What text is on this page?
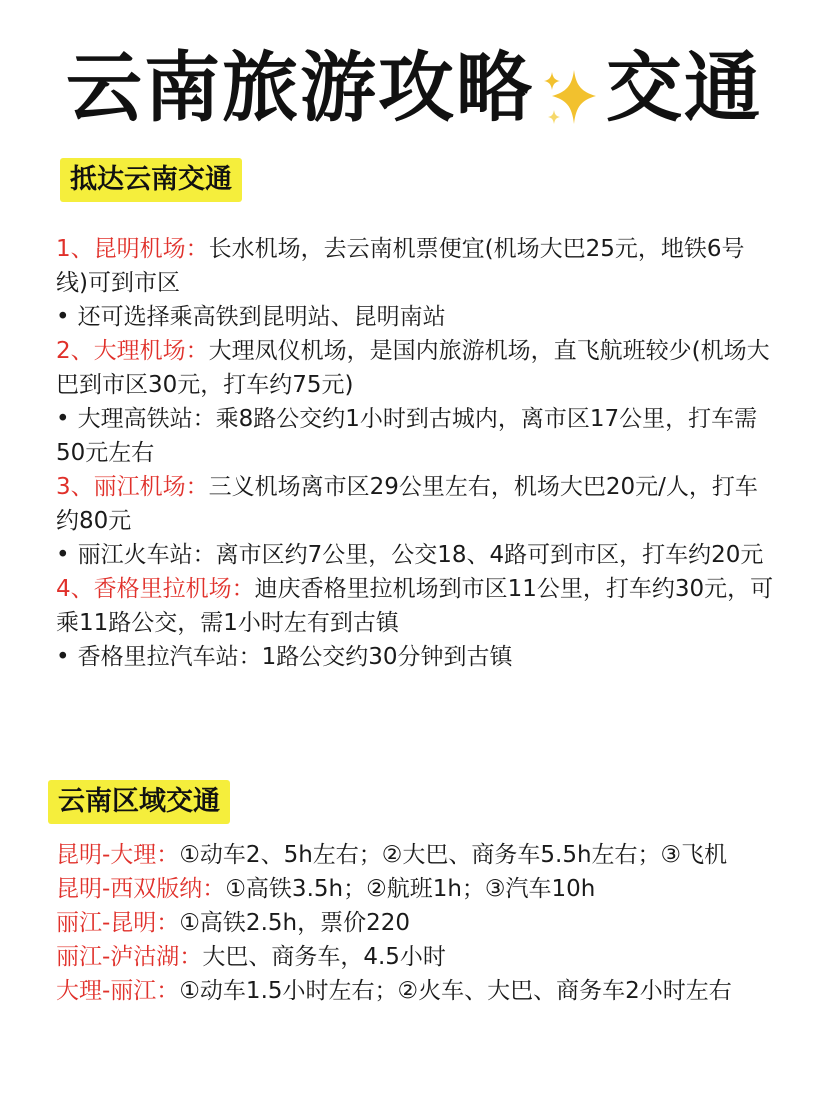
云南旅游攻略 交通
抵达云南交通

1、昆明机场：长水机场，去云南机票便宜(机场大巴25元，地铁6号线)可到市区

• 还可选择乘高铁到昆明站、昆明南站

2、大理机场：大理凤仪机场，是国内旅游机场，直飞航班较少(机场大巴到市区30元，打车约75元)

• 大理高铁站：乘8路公交约1小时到古城内，离市区17公里，打车需50元左右

3、丽江机场：三义机场离市区29公里左右，机场大巴20元/人，打车约80元

• 丽江火车站：离市区约7公里，公交18、4路可到市区，打车约20元

4、香格里拉机场：迪庆香格里拉机场到市区11公里，打车约30元，可乘11路公交，需1小时左有到古镇

• 香格里拉汽车站：1路公交约30分钟到古镇

云南区域交通

昆明-大理：①动车2、5h左右；②大巴、商务车5.5h左右；③飞机

昆明-西双版纳：①高铁3.5h；②航班1h；③汽车10h

丽江-昆明：①高铁2.5h，票价220

丽江-泸沽湖：大巴、商务车，4.5小时

大理-丽江：①动车1.5小时左右；②火车、大巴、商务车2小时左右
